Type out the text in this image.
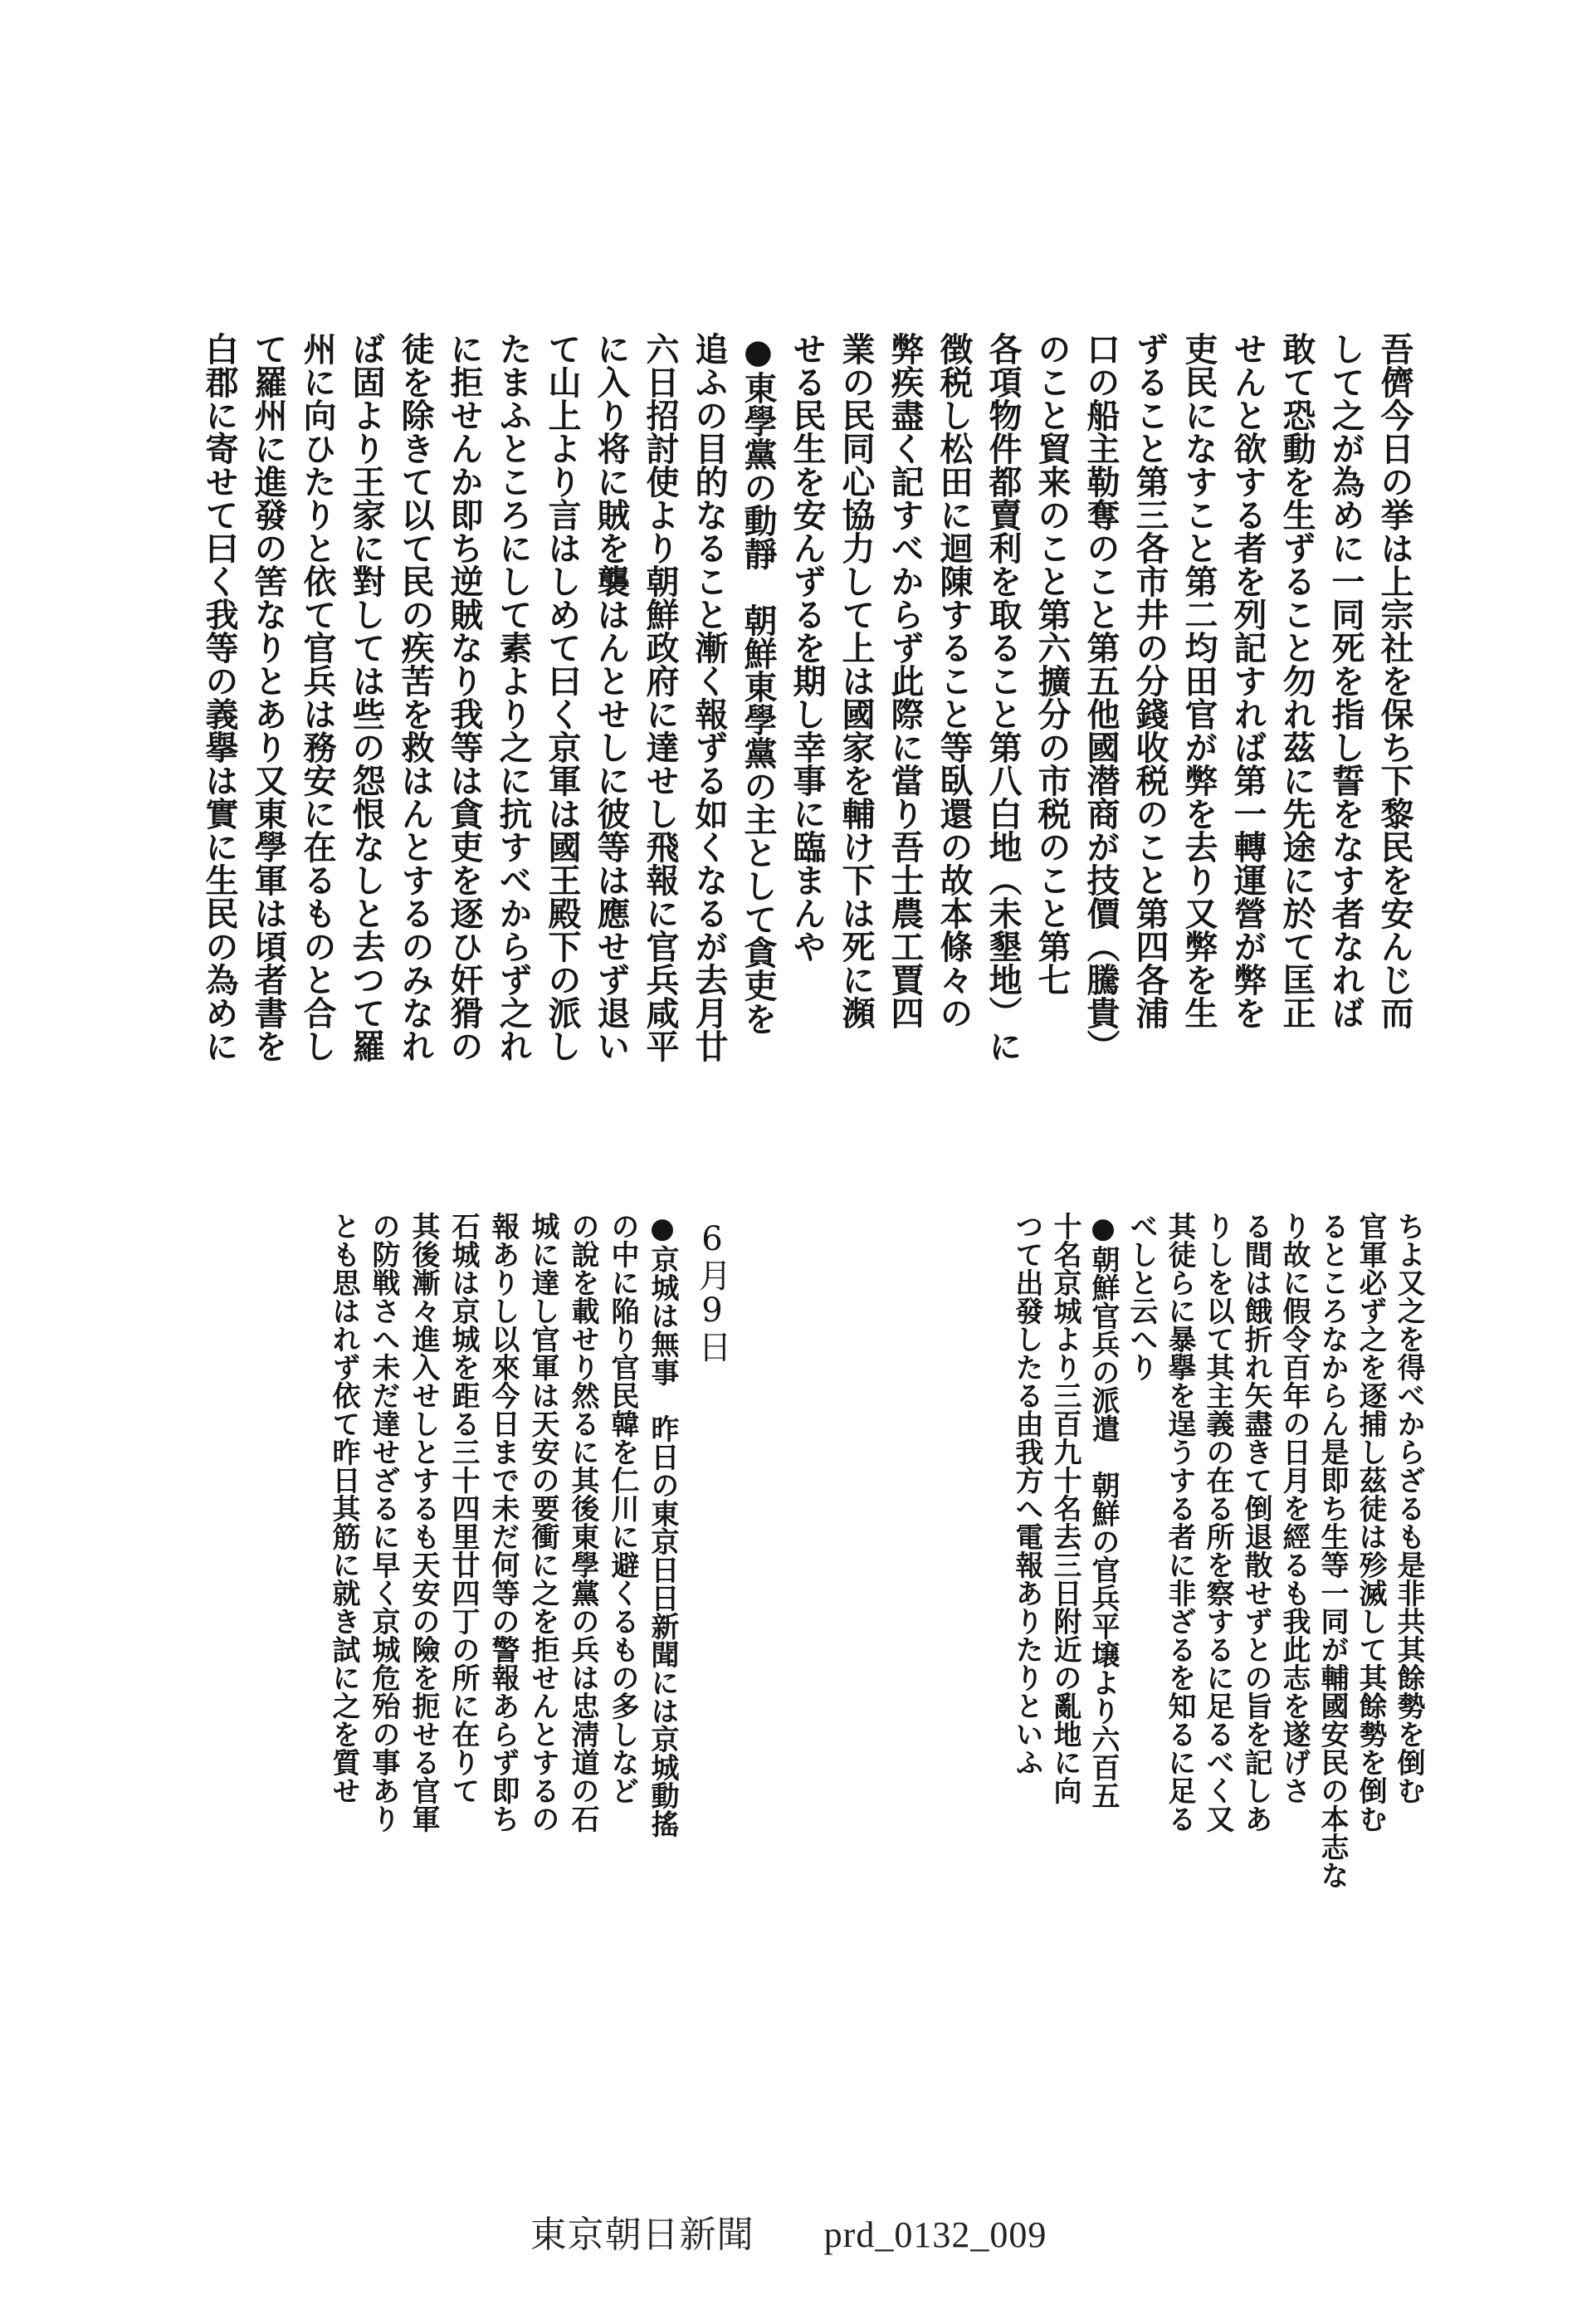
吾儕今日の挙は上宗社を保ち下黎民を安んじ而
して之が為めに一同死を指し誓をなす者なれば
敢て恐動を生ずること勿れ茲に先途に於て匡正
せんと欲する者を列記すれば第一轉運營が弊を
吏民になすこと第二均田官が弊を去り又弊を生
ずること第三各市井の分錢收税のこと第四各浦
口の船主勒奪のこと第五他國潜商が技價（騰貴）
のこと貿来のこと第六擴分の市税のこと第七
各項物件都賣利を取ること第八白地（未墾地）に
徴税し松田に迴陳すること等臥還の故本條々の
弊疾盡く記すべからず此際に當り吾士農工賈四
業の民同心協力して上は國家を輔け下は死に瀕
せる民生を安んずるを期し幸事に臨まんや
●東學黨の動靜　朝鮮東學黨の主として貪吏を
追ふの目的なること漸く報ずる如くなるが去月廿
六日招討使より朝鮮政府に達せし飛報に官兵咸平
に入り将に賊を襲はんとせしに彼等は應せず退い
て山上より言はしめて曰く京軍は國王殿下の派し
たまふところにして素より之に抗すべからず之れ
に拒せんか即ち逆賊なり我等は貪吏を逐ひ奸猾の
徒を除きて以て民の疾苦を救はんとするのみなれ
ば固より王家に對しては些の怨恨なしと去つて羅
州に向ひたりと依て官兵は務安に在るものと合し
て羅州に進發の筈なりとあり又東學軍は頃者書を
白郡に寄せて曰く我等の義擧は實に生民の為めに
ちよ又之を得べからざるも是非共其餘勢を倒む
官軍必ず之を逐捕し茲徒は殄滅して其餘勢を倒む
るところなからん是即ち生等一同が輔國安民の本志な
り故に假令百年の日月を經るも我此志を遂げさ
る間は餓折れ矢盡きて倒退散せずとの旨を記しあ
りしを以て其主義の在る所を察するに足るべく又
其徒らに暴擧を逞うする者に非ざるを知るに足る
べしと云へり
●朝鮮官兵の派遣　朝鮮の官兵平壌より六百五
十名京城より三百九十名去三日附近の亂地に向
つて出發したる由我方へ電報ありたりといふ
●京城は無事　昨日の東京日日新聞には京城動搖
の中に陥り官民韓を仁川に避くるもの多しなど
の說を載せり然るに其後東學黨の兵は忠淸道の石
城に達し官軍は天安の要衝に之を拒せんとするの
報ありし以來今日まで未だ何等の警報あらず即ち
石城は京城を距る三十四里廿四丁の所に在りて
其後漸々進入せしとするも天安の險を扼せる官軍
の防戦さへ未だ達せざるに早く京城危殆の事あり
とも思はれず依て昨日其筋に就き試に之を質せ	6月9日
東京朝日新聞 prd_0132_009
